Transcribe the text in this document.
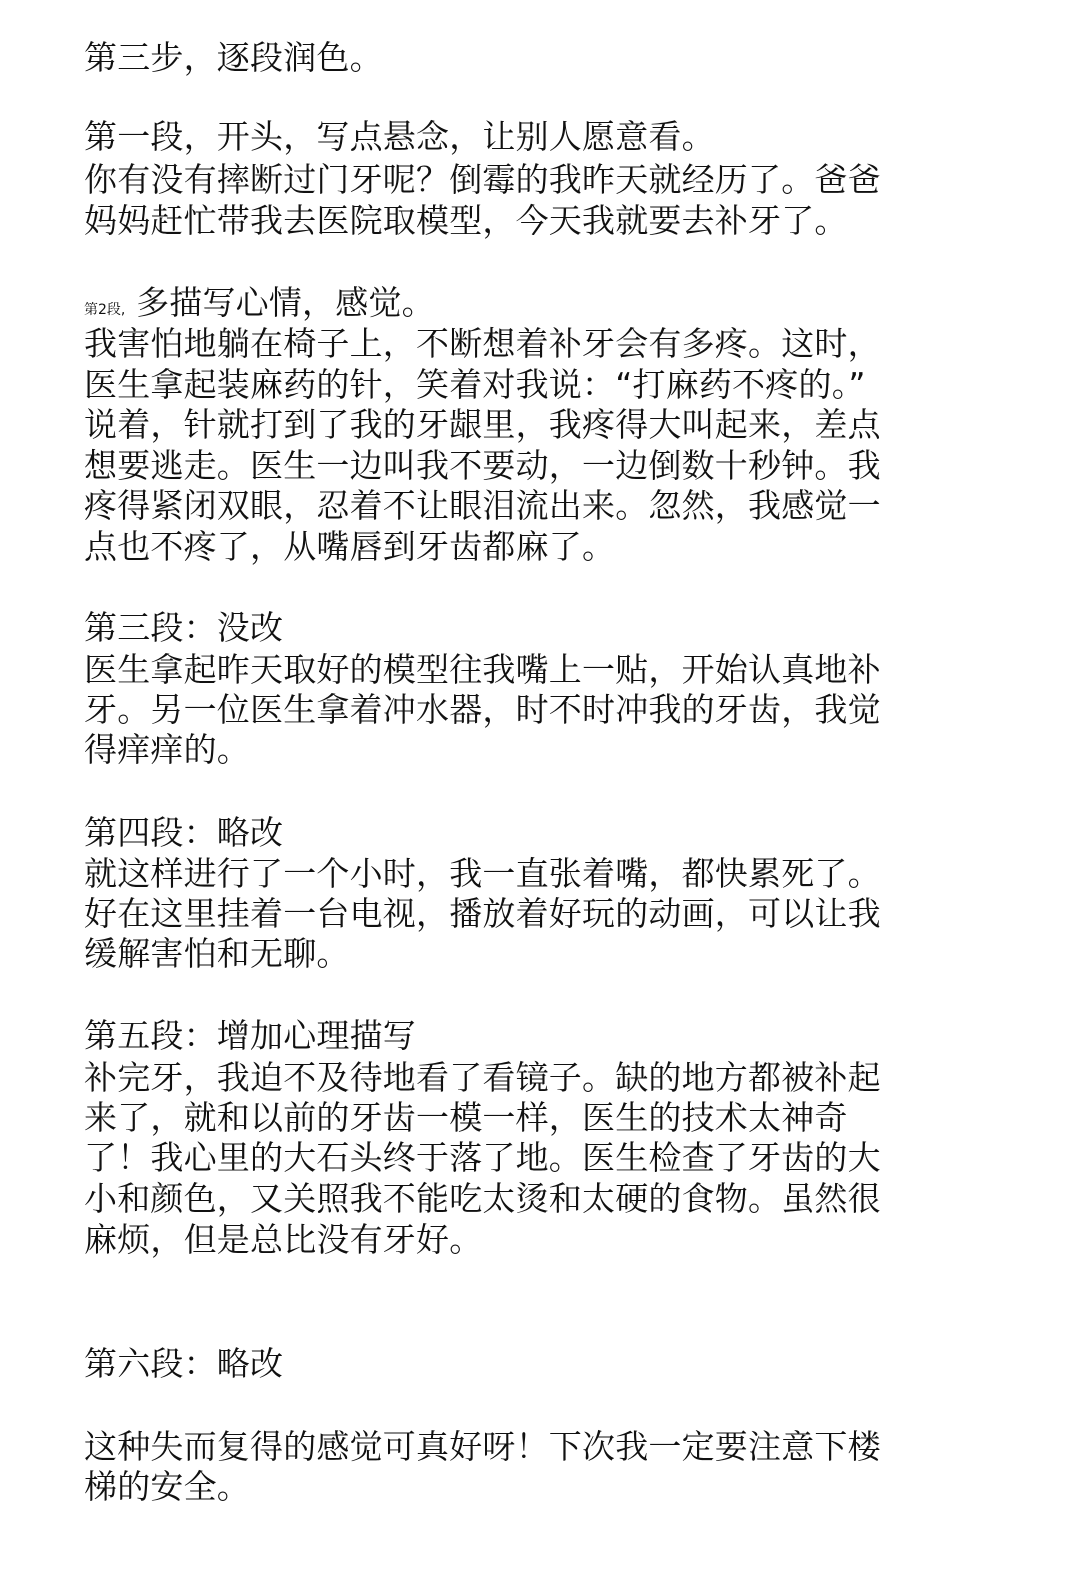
第三步，逐段润色。

第一段，开头，写点悬念，让别人愿意看。

你有没有摔断过门牙呢？倒霉的我昨天就经历了。爸爸

妈妈赶忙带我去医院取模型，今天我就要去补牙了。

第2段, 多描写心情，感觉。

我害怕地躺在椅子上，不断想着补牙会有多疼。这时，

医生拿起装麻药的针，笑着对我说：“打麻药不疼的。”

说着，针就打到了我的牙龈里，我疼得大叫起来，差点

想要逃走。医生一边叫我不要动，一边倒数十秒钟。我

疼得紧闭双眼，忍着不让眼泪流出来。忽然，我感觉一

点也不疼了，从嘴唇到牙齿都麻了。

第三段：没改

医生拿起昨天取好的模型往我嘴上一贴，开始认真地补

牙。另一位医生拿着冲水器，时不时冲我的牙齿，我觉

得痒痒的。

第四段：略改

就这样进行了一个小时，我一直张着嘴，都快累死了。

好在这里挂着一台电视，播放着好玩的动画，可以让我

缓解害怕和无聊。

第五段：增加心理描写

补完牙，我迫不及待地看了看镜子。缺的地方都被补起

来了，就和以前的牙齿一模一样，医生的技术太神奇

了！我心里的大石头终于落了地。医生检查了牙齿的大

小和颜色，又关照我不能吃太烫和太硬的食物。虽然很

麻烦，但是总比没有牙好。

第六段：略改

这种失而复得的感觉可真好呀！下次我一定要注意下楼

梯的安全。
